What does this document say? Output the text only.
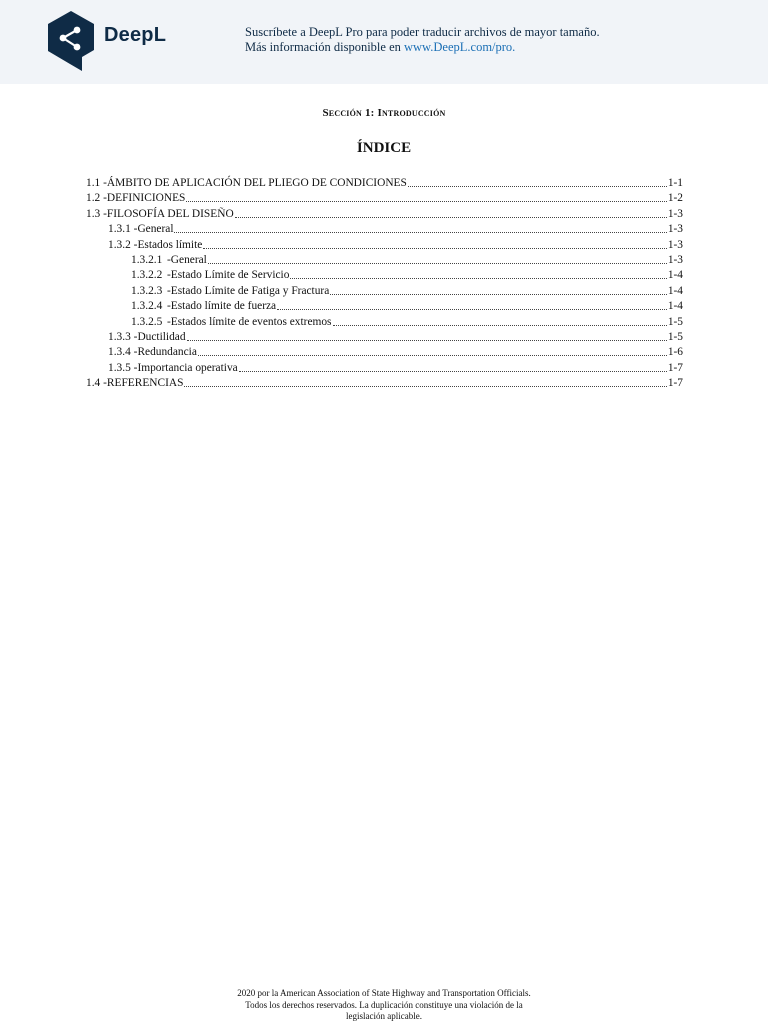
DeepL	Suscríbete a DeepL Pro para poder traducir archivos de mayor tamaño.
Más información disponible en www.DeepL.com/pro.
Sección 1: Introducción
ÍNDICE
1.1 - ÁMBITO DE APLICACIÓN DEL PLIEGO DE CONDICIONES	1-1
1.2 - DEFINICIONES	1-2
1.3 - FILOSOFÍA DEL DISEÑO	1-3
1.3.1 - General	1-3
1.3.2 - Estados límite	1-3
1.3.2.1 -General	1-3
1.3.2.2 -Estado Límite de Servicio	1-4
1.3.2.3 -Estado Límite de Fatiga y Fractura	1-4
1.3.2.4 -Estado límite de fuerza	1-4
1.3.2.5 -Estados límite de eventos extremos	1-5
1.3.3 - Ductilidad	1-5
1.3.4 - Redundancia	1-6
1.3.5 - Importancia operativa	1-7
1.4 - REFERENCIAS	1-7
2020 por la American Association of State Highway and Transportation Officials.
Todos los derechos reservados. La duplicación constituye una violación de la
legislación aplicable.
